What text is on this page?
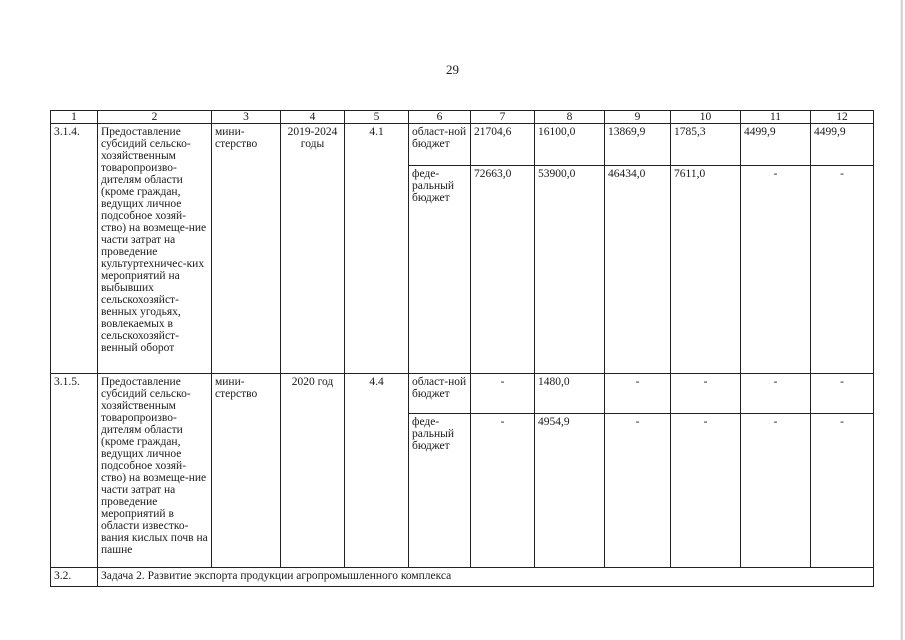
29
1	2	3	4	5	6	7	8	9	10	11	12
3.1.4.	Предоставление субсидий сельско-хозяйственным товаропроизво-дителям области (кроме граждан, ведущих личное подсобное хозяй-ство) на возмеще-ние части затрат на проведение культуртехничес-ких мероприятий на выбывших сельскохозяйст-венных угодьях, вовлекаемых в сельскохозяйст-венный оборот	мини-стерство	2019-2024 годы	4.1	област-ной бюджет	21704,6	16100,0	13869,9	1785,3	4499,9	4499,9
					феде-ральный бюджет	72663,0	53900,0	46434,0	7611,0	-	-
3.1.5.	Предоставление субсидий сельско-хозяйственным товаропроизво-дителям области (кроме граждан, ведущих личное подсобное хозяй-ство) на возмеще-ние части затрат на проведение мероприятий в области известко-вания кислых почв на пашне	мини-стерство	2020 год	4.4	област-ной бюджет	-	1480,0	-	-	-	-
					феде-ральный бюджет	-	4954,9	-	-	-	-
3.2.	Задача 2. Развитие экспорта продукции агропромышленного комплекса										
